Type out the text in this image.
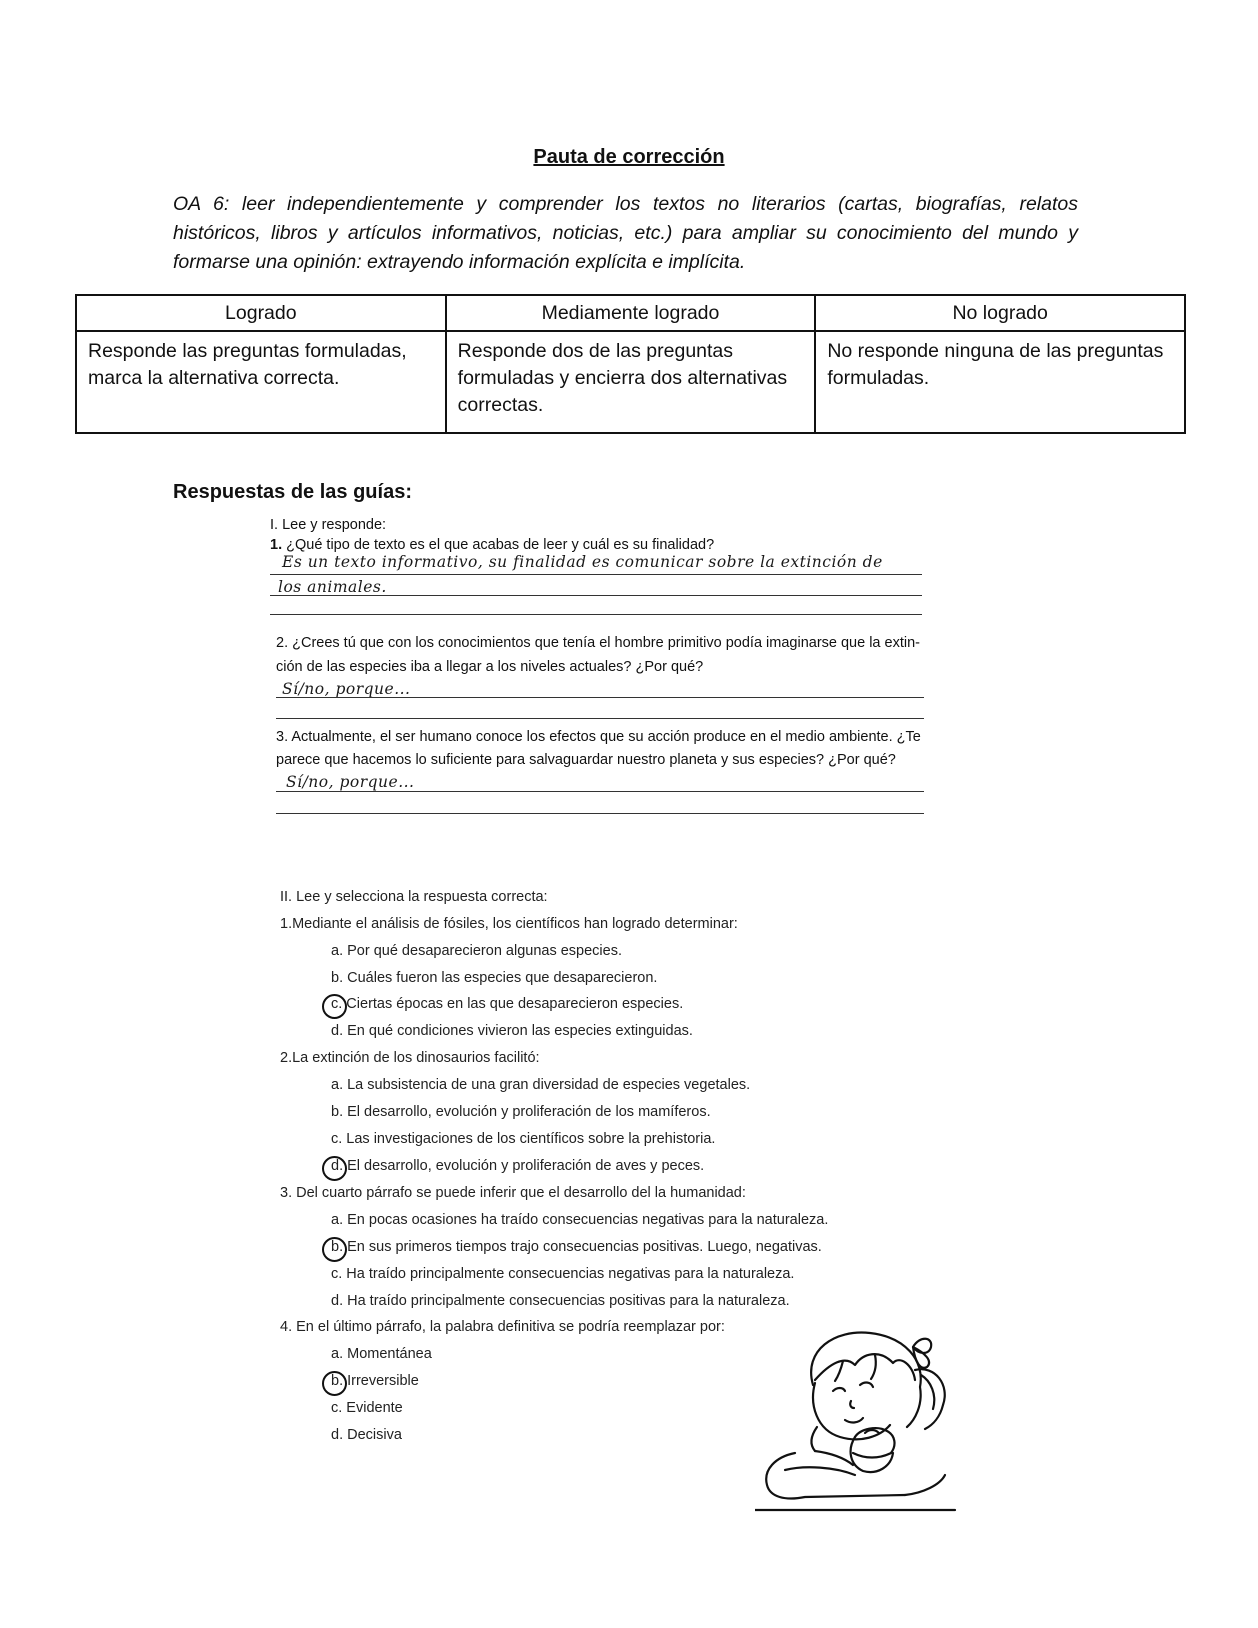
Pauta de corrección
OA 6: leer independientemente y comprender los textos no literarios (cartas, biografías, relatos históricos, libros y artículos informativos, noticias, etc.) para ampliar su conocimiento del mundo y formarse una opinión: extrayendo información explícita e implícita.
Logrado	Mediamente logrado	No logrado
Responde las preguntas formuladas, marca la alternativa correcta.	Responde dos de las preguntas formuladas y encierra dos alternativas correctas.	No responde ninguna de las preguntas formuladas.
Respuestas de las guías:
I. Lee y responde:
1. ¿Qué tipo de texto es el que acabas de leer y cuál es su finalidad?
Es un texto informativo, su finalidad es comunicar sobre la extinción de
los animales.
2. ¿Crees tú que con los conocimientos que tenía el hombre primitivo podía imaginarse que la extin-
ción de las especies iba a llegar a los niveles actuales? ¿Por qué?
Sí/no, porque...
3. Actualmente, el ser humano conoce los efectos que su acción produce en el medio ambiente. ¿Te
parece que hacemos lo suficiente para salvaguardar nuestro planeta y sus especies? ¿Por qué?
Sí/no, porque...
II. Lee y selecciona la respuesta correcta:
1.Mediante el análisis de fósiles, los científicos han logrado determinar:
a. Por qué desaparecieron algunas especies.
b. Cuáles fueron las especies que desaparecieron.
c. Ciertas épocas en las que desaparecieron especies.
d. En qué condiciones vivieron las especies extinguidas.
2.La extinción de los dinosaurios facilitó:
a. La subsistencia de una gran diversidad de especies vegetales.
b. El desarrollo, evolución y proliferación de los mamíferos.
c. Las investigaciones de los científicos sobre la prehistoria.
d. El desarrollo, evolución y proliferación de aves y peces.
3. Del cuarto párrafo se puede inferir que el desarrollo del la humanidad:
a. En pocas ocasiones ha traído consecuencias negativas para la naturaleza.
b. En sus primeros tiempos trajo consecuencias positivas. Luego, negativas.
c. Ha traído principalmente consecuencias negativas para la naturaleza.
d. Ha traído principalmente consecuencias positivas para la naturaleza.
4. En el último párrafo, la palabra definitiva se podría reemplazar por:
a. Momentánea
b. Irreversible
c. Evidente
d. Decisiva
